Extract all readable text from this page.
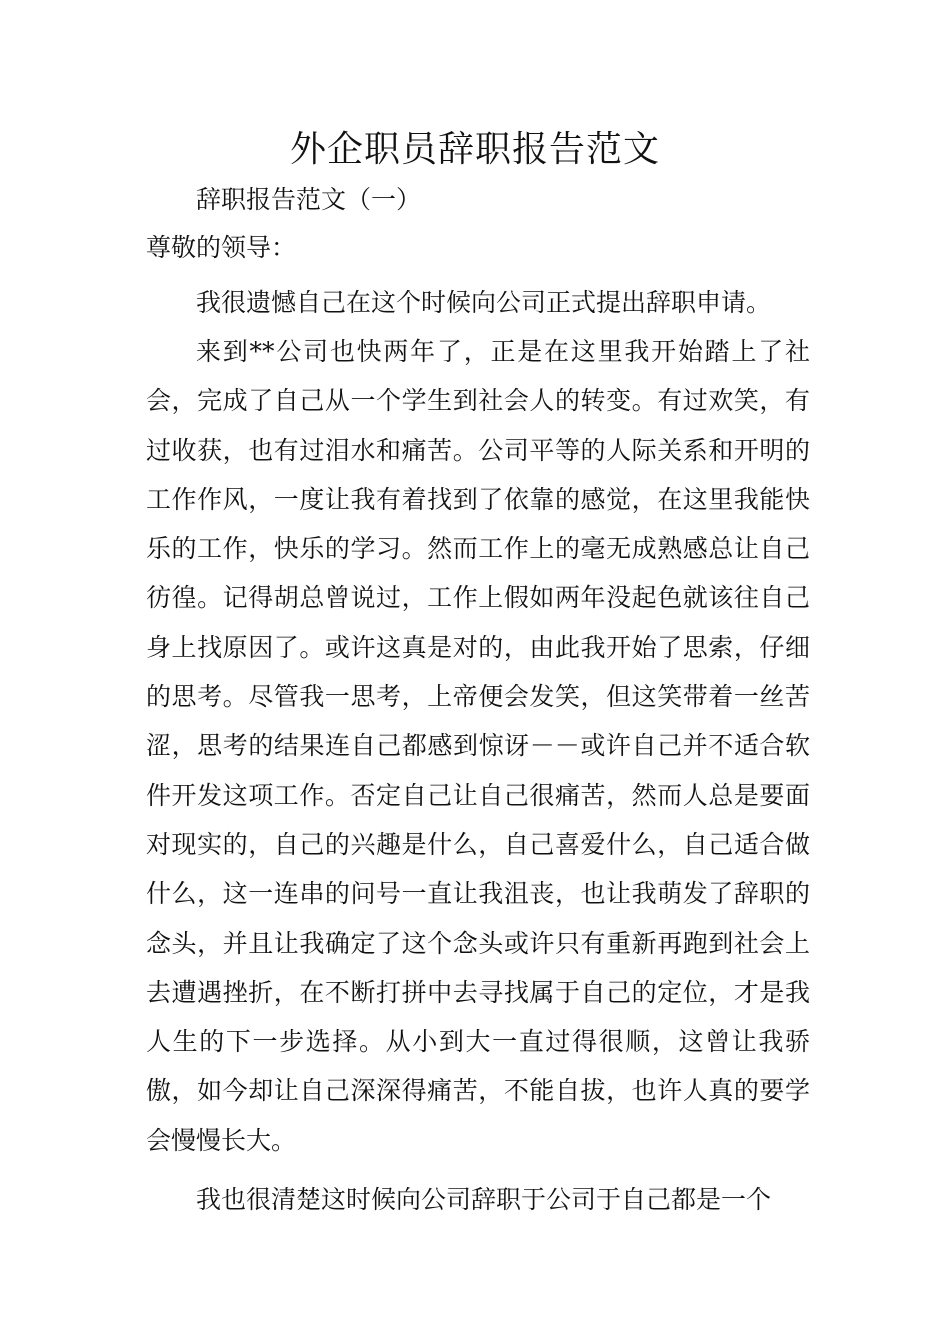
外企职员辞职报告范文

辞职报告范文（一）

尊敬的领导：

我很遗憾自己在这个时候向公司正式提出辞职申请。

来到**公司也快两年了，正是在这里我开始踏上了社会，完成了自己从一个学生到社会人的转变。有过欢笑，有过收获，也有过泪水和痛苦。公司平等的人际关系和开明的工作作风，一度让我有着找到了依靠的感觉，在这里我能快乐的工作，快乐的学习。然而工作上的毫无成熟感总让自己彷徨。记得胡总曾说过，工作上假如两年没起色就该往自己身上找原因了。或许这真是对的，由此我开始了思索，仔细的思考。尽管我一思考，上帝便会发笑，但这笑带着一丝苦涩，思考的结果连自己都感到惊讶－－或许自己并不适合软件开发这项工作。否定自己让自己很痛苦，然而人总是要面对现实的，自己的兴趣是什么，自己喜爱什么，自己适合做什么，这一连串的问号一直让我沮丧，也让我萌发了辞职的念头，并且让我确定了这个念头或许只有重新再跑到社会上去遭遇挫折，在不断打拼中去寻找属于自己的定位，才是我人生的下一步选择。从小到大一直过得很顺，这曾让我骄傲，如今却让自己深深得痛苦，不能自拔，也许人真的要学会慢慢长大。

我也很清楚这时候向公司辞职于公司于自己都是一个
